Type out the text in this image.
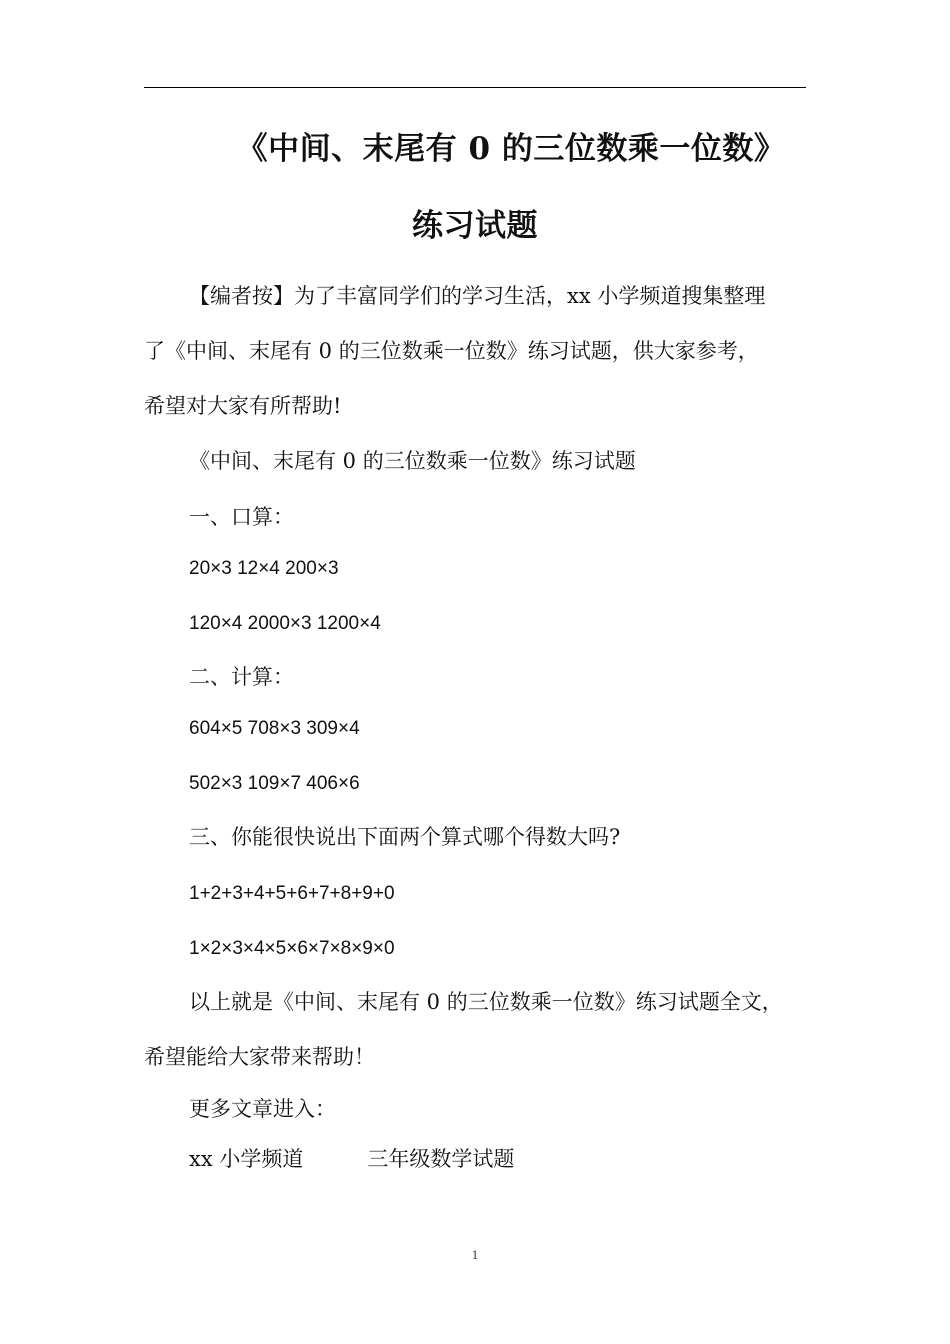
《中间、末尾有 0 的三位数乘一位数》
练习试题
【编者按】为了丰富同学们的学习生活，xx 小学频道搜集整理
了《中间、末尾有 0 的三位数乘一位数》练习试题，供大家参考，
希望对大家有所帮助!
《中间、末尾有 0 的三位数乘一位数》练习试题
一、口算：
20×3 12×4 200×3
120×4 2000×3 1200×4
二、计算：
604×5 708×3 309×4
502×3 109×7 406×6
三、你能很快说出下面两个算式哪个得数大吗?
1+2+3+4+5+6+7+8+9+0
1×2×3×4×5×6×7×8×9×0
以上就是《中间、末尾有 0 的三位数乘一位数》练习试题全文，
希望能给大家带来帮助！
更多文章进入：
xx 小学频道	三年级数学试题
1
